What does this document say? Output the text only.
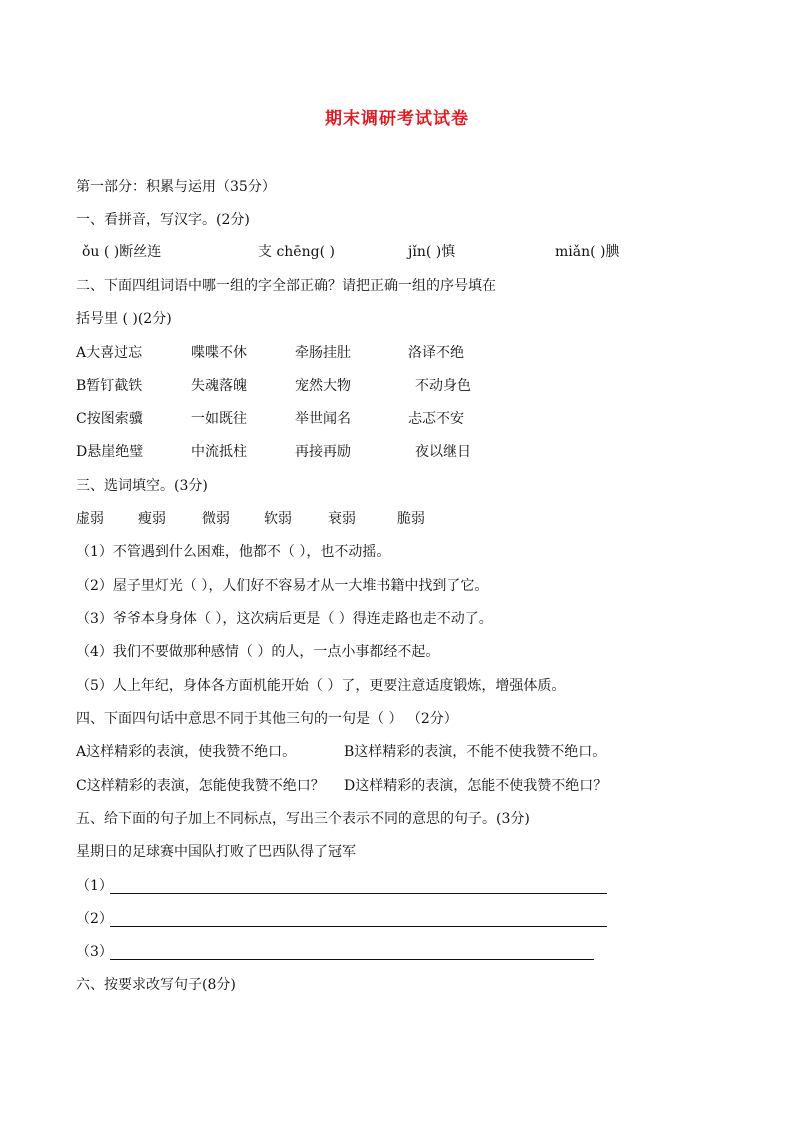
期末调研考试试卷
第一部分：积累与运用（35分）
一、看拼音，写汉字。(2分)
ǒu ( )断丝连	支 chēng( )	jǐn( )慎	miǎn( )腆
二、下面四组词语中哪一组的字全部正确？请把正确一组的序号填在
括号里 ( )(2分)
A大喜过忘	喋喋不休	牵肠挂肚	洛译不绝
B暂钉截铁	失魂落魄	宠然大物	不动身色
C按图索骥	一如既往	举世闻名	忐忑不安
D悬崖绝璧	中流抵柱	再接再励	夜以继日
三、选词填空。(3分)
虚弱 瘦弱	微弱 软弱	衰弱	脆弱
（1）不管遇到什么困难，他都不（ ），也不动摇。
（2）屋子里灯光（ ），人们好不容易才从一大堆书籍中找到了它。
（3）爷爷本身身体（ ），这次病后更是（ ）得连走路也走不动了。
（4）我们不要做那种感情（ ）的人，一点小事都经不起。
（5）人上年纪，身体各方面机能开始（ ）了，更要注意适度锻炼，增强体质。
四、下面四句话中意思不同于其他三句的一句是（ ） （2分）
A这样精彩的表演，使我赞不绝口。	B这样精彩的表演，不能不使我赞不绝口。
C这样精彩的表演，怎能使我赞不绝口？ D这样精彩的表演，怎能不使我赞不绝口？
五、给下面的句子加上不同标点，写出三个表示不同的意思的句子。(3分)
星期日的足球赛中国队打败了巴西队得了冠军
（1）
（2）
（3）
六、按要求改写句子(8分)
